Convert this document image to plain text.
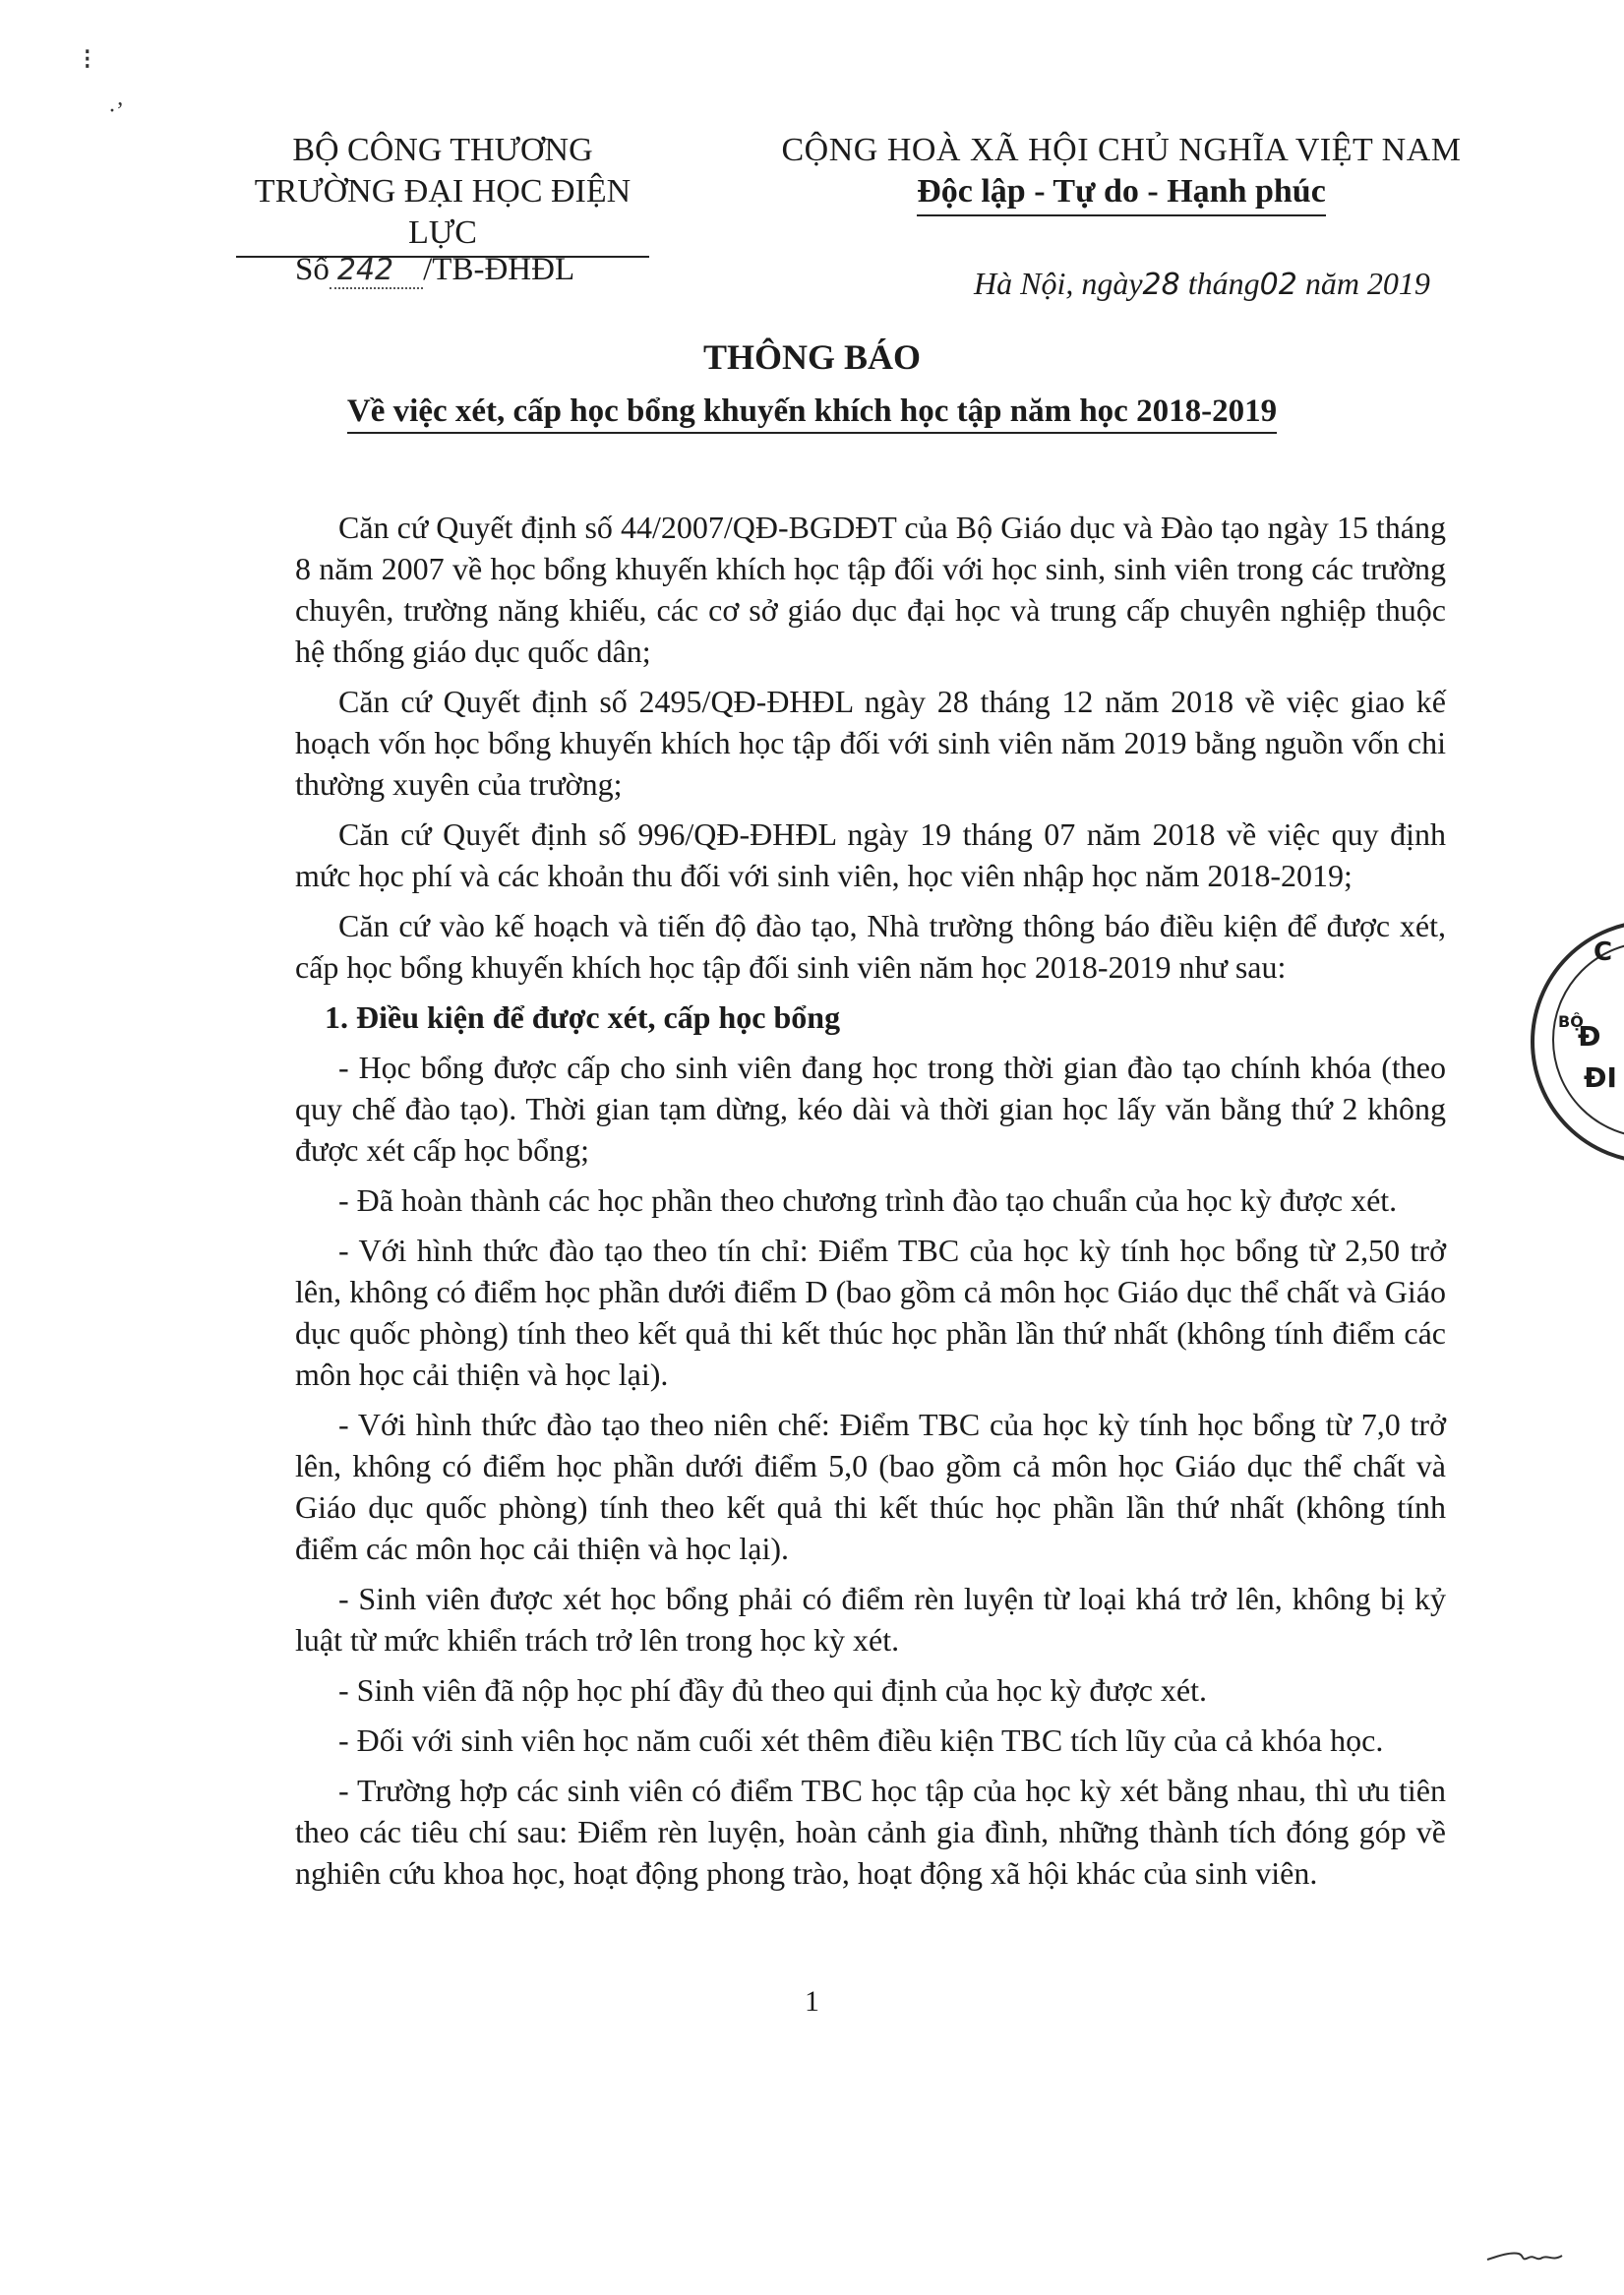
⁝
·ʼ
BỘ CÔNG THƯƠNG
TRƯỜNG ĐẠI HỌC ĐIỆN LỰC
CỘNG HOÀ XÃ HỘI CHỦ NGHĨA VIỆT NAM
Độc lập - Tự do - Hạnh phúc
Số 242 /TB-ĐHĐL	Hà Nội, ngày28 tháng02 năm 2019
THÔNG BÁO
Về việc xét, cấp học bổng khuyến khích học tập năm học 2018-2019

Căn cứ Quyết định số 44/2007/QĐ-BGDĐT của Bộ Giáo dục và Đào tạo ngày 15 tháng 8 năm 2007 về học bổng khuyến khích học tập đối với học sinh, sinh viên trong các trường chuyên, trường năng khiếu, các cơ sở giáo dục đại học và trung cấp chuyên nghiệp thuộc hệ thống giáo dục quốc dân;

Căn cứ Quyết định số 2495/QĐ-ĐHĐL ngày 28 tháng 12 năm 2018 về việc giao kế hoạch vốn học bổng khuyến khích học tập đối với sinh viên năm 2019 bằng nguồn vốn chi thường xuyên của trường;

Căn cứ Quyết định số 996/QĐ-ĐHĐL ngày 19 tháng 07 năm 2018 về việc quy định mức học phí và các khoản thu đối với sinh viên, học viên nhập học năm 2018-2019;

Căn cứ vào kế hoạch và tiến độ đào tạo, Nhà trường thông báo điều kiện để được xét, cấp học bổng khuyến khích học tập đối sinh viên năm học 2018-2019 như sau:

1. Điều kiện để được xét, cấp học bổng

- Học bổng được cấp cho sinh viên đang học trong thời gian đào tạo chính khóa (theo quy chế đào tạo). Thời gian tạm dừng, kéo dài và thời gian học lấy văn bằng thứ 2 không được xét cấp học bổng;

- Đã hoàn thành các học phần theo chương trình đào tạo chuẩn của học kỳ được xét.

- Với hình thức đào tạo theo tín chỉ: Điểm TBC của học kỳ tính học bổng từ 2,50 trở lên, không có điểm học phần dưới điểm D (bao gồm cả môn học Giáo dục thể chất và Giáo dục quốc phòng) tính theo kết quả thi kết thúc học phần lần thứ nhất (không tính điểm các môn học cải thiện và học lại).

- Với hình thức đào tạo theo niên chế: Điểm TBC của học kỳ tính học bổng từ 7,0 trở lên, không có điểm học phần dưới điểm 5,0 (bao gồm cả môn học Giáo dục thể chất và Giáo dục quốc phòng) tính theo kết quả thi kết thúc học phần lần thứ nhất (không tính điểm các môn học cải thiện và học lại).

- Sinh viên được xét học bổng phải có điểm rèn luyện từ loại khá trở lên, không bị kỷ luật từ mức khiển trách trở lên trong học kỳ xét.

- Sinh viên đã nộp học phí đầy đủ theo qui định của học kỳ được xét.

- Đối với sinh viên học năm cuối xét thêm điều kiện TBC tích lũy của cả khóa học.

- Trường hợp các sinh viên có điểm TBC học tập của học kỳ xét bằng nhau, thì ưu tiên theo các tiêu chí sau: Điểm rèn luyện, hoàn cảnh gia đình, những thành tích đóng góp về nghiên cứu khoa học, hoạt động phong trào, hoạt động xã hội khác của sinh viên.

1
C
BỘ
Đ
ĐI
